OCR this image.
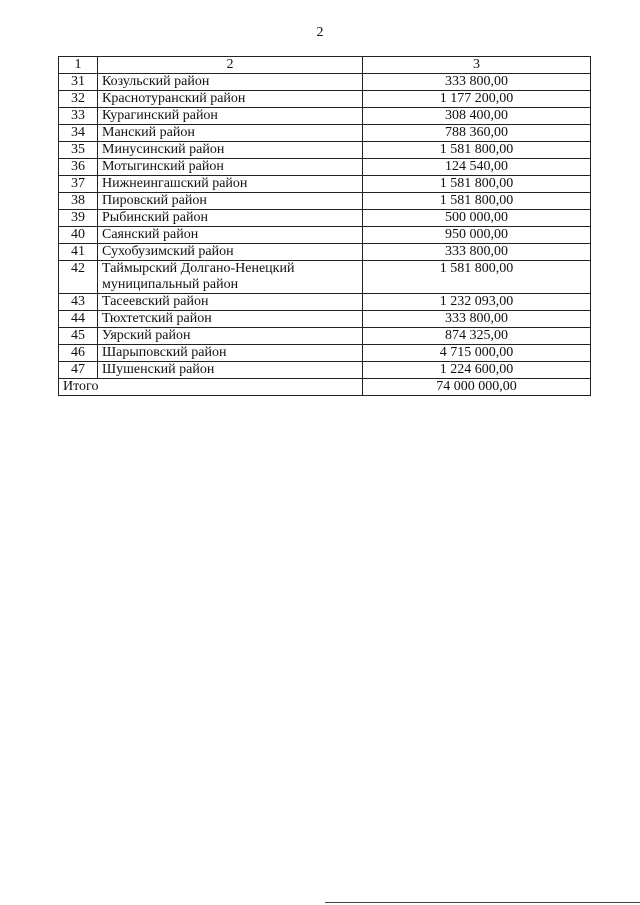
2
1	2	3
31	Козульский район	333 800,00
32	Краснотуранский район	1 177 200,00
33	Курагинский район	308 400,00
34	Манский район	788 360,00
35	Минусинский район	1 581 800,00
36	Мотыгинский район	124 540,00
37	Нижнеингашский район	1 581 800,00
38	Пировский район	1 581 800,00
39	Рыбинский район	500 000,00
40	Саянский район	950 000,00
41	Сухобузимский район	333 800,00
42	Таймырский Долгано-Ненецкий муниципальный район	1 581 800,00
43	Тасеевский район	1 232 093,00
44	Тюхтетский район	333 800,00
45	Уярский район	874 325,00
46	Шарыповский район	4 715 000,00
47	Шушенский район	1 224 600,00
Итого		74 000 000,00
